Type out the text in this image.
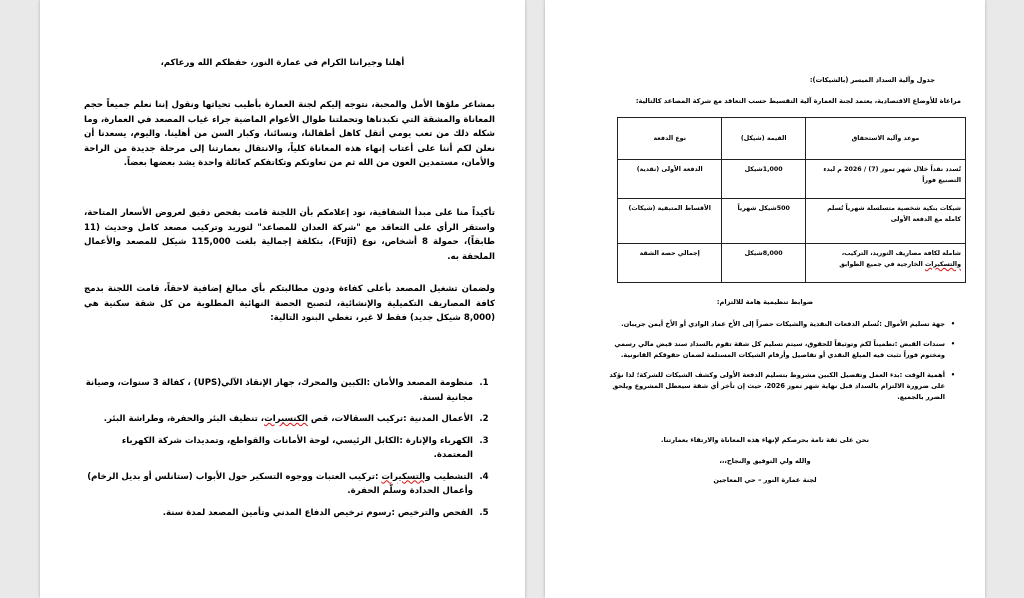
أهلنا وجيراننا الكرام في عمارة النور، حفظكم الله ورعاكم،
بمشاعر ملؤها الأمل والمحبة، نتوجه إليكم لجنة العمارة بأطيب تحياتها ونقول إننا نعلم جميعاً حجم المعاناة والمشقة التي تكبدناها وتحملتنا طوال الأعوام الماضية جراء غياب المصعد في العمارة، وما شكله ذلك من تعب يومي أثقل كاهل أطفالنا، ونسائنا، وكبار السن من أهلينا. واليوم، يسعدنا أن نعلن لكم أننا على أعتاب إنهاء هذه المعاناة كلياً، والانتقال بعمارتنا إلى مرحلة جديدة من الراحة والأمان، مستمدين العون من الله ثم من تعاونكم وتكاتفكم كعائلة واحدة يشد بعضها بعضاً.
تأكيداً منا على مبدأ الشفافية، نود إعلامكم بأن اللجنة قامت بفحص دقيق لعروض الأسعار المتاحة، واستقر الرأي على التعاقد مع "شركة العدان للمصاعد" لتوريد وتركيب مصعد كامل وحديث (11 طابقاً)، حمولة 8 أشخاص، نوع (Fuji)، بتكلفة إجمالية بلغت 115,000 شيكل للمصعد والأعمال الملحقة به.
ولضمان تشغيل المصعد بأعلى كفاءة ودون مطالبتكم بأي مبالغ إضافية لاحقاً، قامت اللجنة بدمج كافة المصاريف التكميلية والإنشائية، لتصبح الحصة النهائية المطلوبة من كل شقة سكنية هي (8,000 شيكل جديد) فقط لا غير، تغطي البنود التالية:
1.
منظومة المصعد والأمان :الكبين والمحرك، جهاز الإنقاذ الآلي(UPS) ، كفالة 3 سنوات، وصيانة مجانية لسنة.
2.
الأعمال المدنية :تركيب السقالات، قص الكنسيرات، تنظيف البئر والحفرة، وطراشة البئر.
3.
الكهرباء والإنارة :الكابل الرئيسي، لوحة الأمانات والقواطع، وتمديدات شركة الكهرباء المعتمدة.
4.
التشطيب والتسكيرات :تركيب العتبات ووجوه التسكير حول الأبواب (ستانلس أو بديل الرخام) وأعمال الحدادة وسلّم الحفرة.
5.
الفحص والترخيص :رسوم ترخيص الدفاع المدني وتأمين المصعد لمدة سنة.
جدول وآلية السداد الميسر (بالشيكات):
مراعاة للأوضاع الاقتصادية، يعتمد لجنة العمارة آلية التقسيط حسب التعاقد مع شركة المصاعد كالتالية:
موعد وآلية الاستحقاق	القيمة (شيكل)	نوع الدفعة
تُسدد نقداً خلال شهر تموز (7) / 2026 م لبدء التصنيع فوراً	1,000شيكل	الدفعة الأولى (نقدية)
شيكات بنكية شخصية متسلسلة شهرياً تُسلم كاملة مع الدفعة الأولى	500شيكل شهرياً	الأقساط المتبقية (شيكات)
شاملة لكافة مصاريف التوريد، التركيب، والتسكيرات الخارجية في جميع الطوابق	8,000شيكل	إجمالي حصة الشقة
ضوابط تنظيمية هامة للالتزام:
•
جهة تسليم الأموال :تُسلم الدفعات النقدية والشيكات حصراً إلى الأخ عماد الوادي أو الأخ أيمن جريبان.
•
سندات القبض :تطميناً لكم وتوثيقاً للحقوق، سيتم تسليم كل شقة تقوم بالسداد سند قبض مالي رسمي ومختوم فوراً تثبت فيه المبلغ النقدي أو تفاصيل وأرقام الشيكات المستلمة لضمان حقوقكم القانونية.
•
أهمية الوقت :بدء العمل وتفصيل الكبين مشروط بتسليم الدفعة الأولى وكشف الشيكات للشركة؛ لذا نؤكد على ضرورة الالتزام بالسداد قبل نهاية شهر تموز 2026، حيث إن تأخر أي شقة سيعطل المشروع ويلحق الضرر بالجميع.
نحن على ثقة تامة بحرصكم لإنهاء هذه المعاناة والارتقاء بعمارتنا.
والله ولي التوفيق والنجاح،،،
لجنة عمارة النور – حي المعاجين
